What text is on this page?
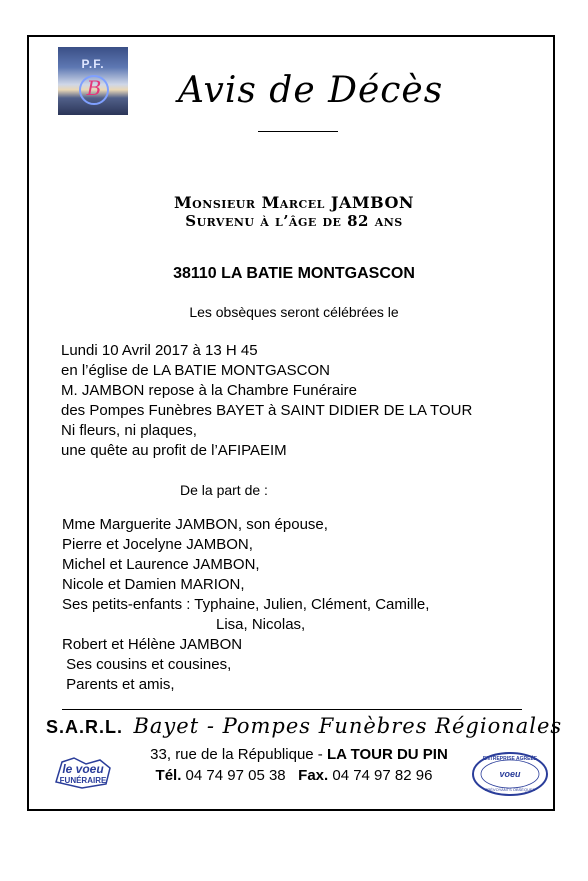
P.F.
B Avis de Décès
Monsieur Marcel JAMBON
Survenu à l’âge de 82 ans
38110 LA BATIE MONTGASCON
Les obsèques seront célébrées le
Lundi 10 Avril 2017 à 13 H 45
en l’église de LA BATIE MONTGASCON
M. JAMBON repose à la Chambre Funéraire
des Pompes Funèbres BAYET à SAINT DIDIER DE LA TOUR
Ni fleurs, ni plaques,
une quête au profit de l’AFIPAEIM
De la part de :
Mme Marguerite JAMBON, son épouse,
Pierre et Jocelyne JAMBON,
Michel et Laurence JAMBON,
Nicole et Damien MARION,
Ses petits-enfants : Typhaine, Julien, Clément, Camille,
Lisa, Nicolas,
Robert et Hélène JAMBON
Ses cousins et cousines,
Parents et amis,
S.A.R.L. Bayet - Pompes Funèbres Régionales
33, rue de la République - LA TOUR DU PIN
Tél. 04 74 97 05 38 Fax. 04 74 97 82 96
le voeu
FUNÉRAIRE
ENTREPRISE AGRÉÉE
voeu
PRÉVOYANTS OBSÈQUES
